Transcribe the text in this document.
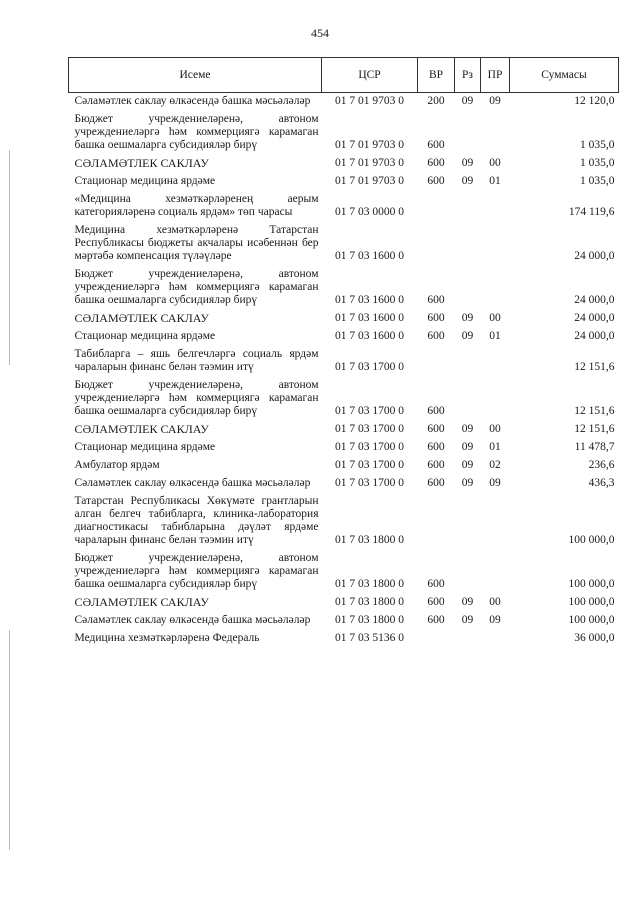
454
Исеме	ЦСР	ВР	Рз	ПР	Суммасы
Сәламәтлек саклау өлкәсендә башка мәсьәләләр	01 7 01 9703 0	200	09	09	12 120,0
Бюджет учреждениеләренә, автоном учреждениеләргә һәм коммерциягә карамаган башка оешмаларга субсидияләр бирү	01 7 01 9703 0	600			1 035,0
СӘЛАМӘТЛЕК САКЛАУ	01 7 01 9703 0	600	09	00	1 035,0
Стационар медицина ярдәме	01 7 01 9703 0	600	09	01	1 035,0
«Медицина хезмәткәрләренең аерым категорияләренә социаль ярдәм» төп чарасы	01 7 03 0000 0				174 119,6
Медицина хезмәткәрләренә Татарстан Республикасы бюджеты акчалары исәбеннән бер мәртәбә компенсация түләүләре	01 7 03 1600 0				24 000,0
Бюджет учреждениеләренә, автоном учреждениеләргә һәм коммерциягә карамаган башка оешмаларга субсидияләр бирү	01 7 03 1600 0	600			24 000,0
СӘЛАМӘТЛЕК САКЛАУ	01 7 03 1600 0	600	09	00	24 000,0
Стационар медицина ярдәме	01 7 03 1600 0	600	09	01	24 000,0
Табибларга – яшь белгечләргә социаль ярдәм чараларын финанс белән тәэмин итү	01 7 03 1700 0				12 151,6
Бюджет учреждениеләренә, автоном учреждениеләргә һәм коммерциягә карамаган башка оешмаларга субсидияләр бирү	01 7 03 1700 0	600			12 151,6
СӘЛАМӘТЛЕК САКЛАУ	01 7 03 1700 0	600	09	00	12 151,6
Стационар медицина ярдәме	01 7 03 1700 0	600	09	01	11 478,7
Амбулатор ярдәм	01 7 03 1700 0	600	09	02	236,6
Сәламәтлек саклау өлкәсендә башка мәсьәләләр	01 7 03 1700 0	600	09	09	436,3
Татарстан Республикасы Хөкүмәте грантларын алган белгеч табибларга, клиника-лаборатория диагностикасы табибларына дәүләт ярдәме чараларын финанс белән тәэмин итү	01 7 03 1800 0				100 000,0
Бюджет учреждениеләренә, автоном учреждениеләргә һәм коммерциягә карамаган башка оешмаларга субсидияләр бирү	01 7 03 1800 0	600			100 000,0
СӘЛАМӘТЛЕК САКЛАУ	01 7 03 1800 0	600	09	00	100 000,0
Сәламәтлек саклау өлкәсендә башка мәсьәләләр	01 7 03 1800 0	600	09	09	100 000,0
Медицина хезмәткәрләренә Федераль	01 7 03 5136 0				36 000,0
